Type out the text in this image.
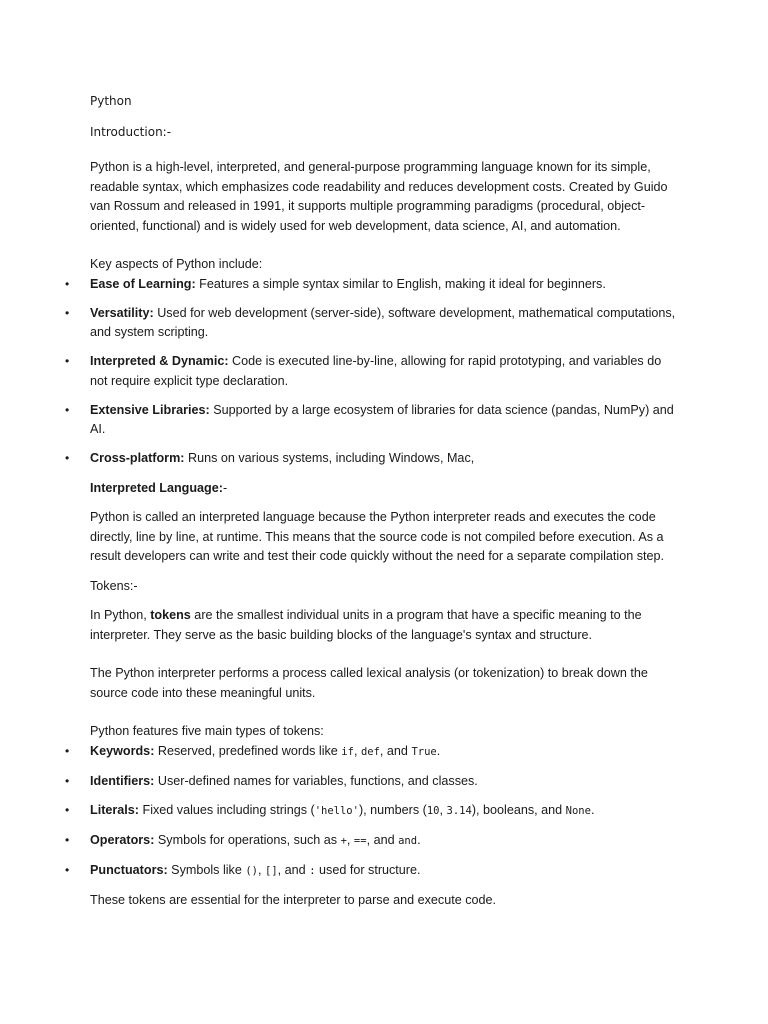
Python

Introduction:-

Python is a high-level, interpreted, and general-purpose programming language known for its simple, readable syntax, which emphasizes code readability and reduces development costs. Created by Guido van Rossum and released in 1991, it supports multiple programming paradigms (procedural, object-oriented, functional) and is widely used for web development, data science, AI, and automation.

Key aspects of Python include:

• Ease of Learning: Features a simple syntax similar to English, making it ideal for beginners.
• Versatility: Used for web development (server-side), software development, mathematical computations, and system scripting.
• Interpreted & Dynamic: Code is executed line-by-line, allowing for rapid prototyping, and variables do not require explicit type declaration.
• Extensive Libraries: Supported by a large ecosystem of libraries for data science (pandas, NumPy) and AI.
• Cross-platform: Runs on various systems, including Windows, Mac,

Interpreted Language:-

Python is called an interpreted language because the Python interpreter reads and executes the code directly, line by line, at runtime. This means that the source code is not compiled before execution. As a result developers can write and test their code quickly without the need for a separate compilation step.

Tokens:-

In Python, tokens are the smallest individual units in a program that have a specific meaning to the interpreter. They serve as the basic building blocks of the language's syntax and structure.

The Python interpreter performs a process called lexical analysis (or tokenization) to break down the source code into these meaningful units.

Python features five main types of tokens:

• Keywords: Reserved, predefined words like if, def, and True.
• Identifiers: User-defined names for variables, functions, and classes.
• Literals: Fixed values including strings ('hello'), numbers (10, 3.14), booleans, and None.
• Operators: Symbols for operations, such as +, ==, and and.
• Punctuators: Symbols like (), [], and : used for structure.

These tokens are essential for the interpreter to parse and execute code.
